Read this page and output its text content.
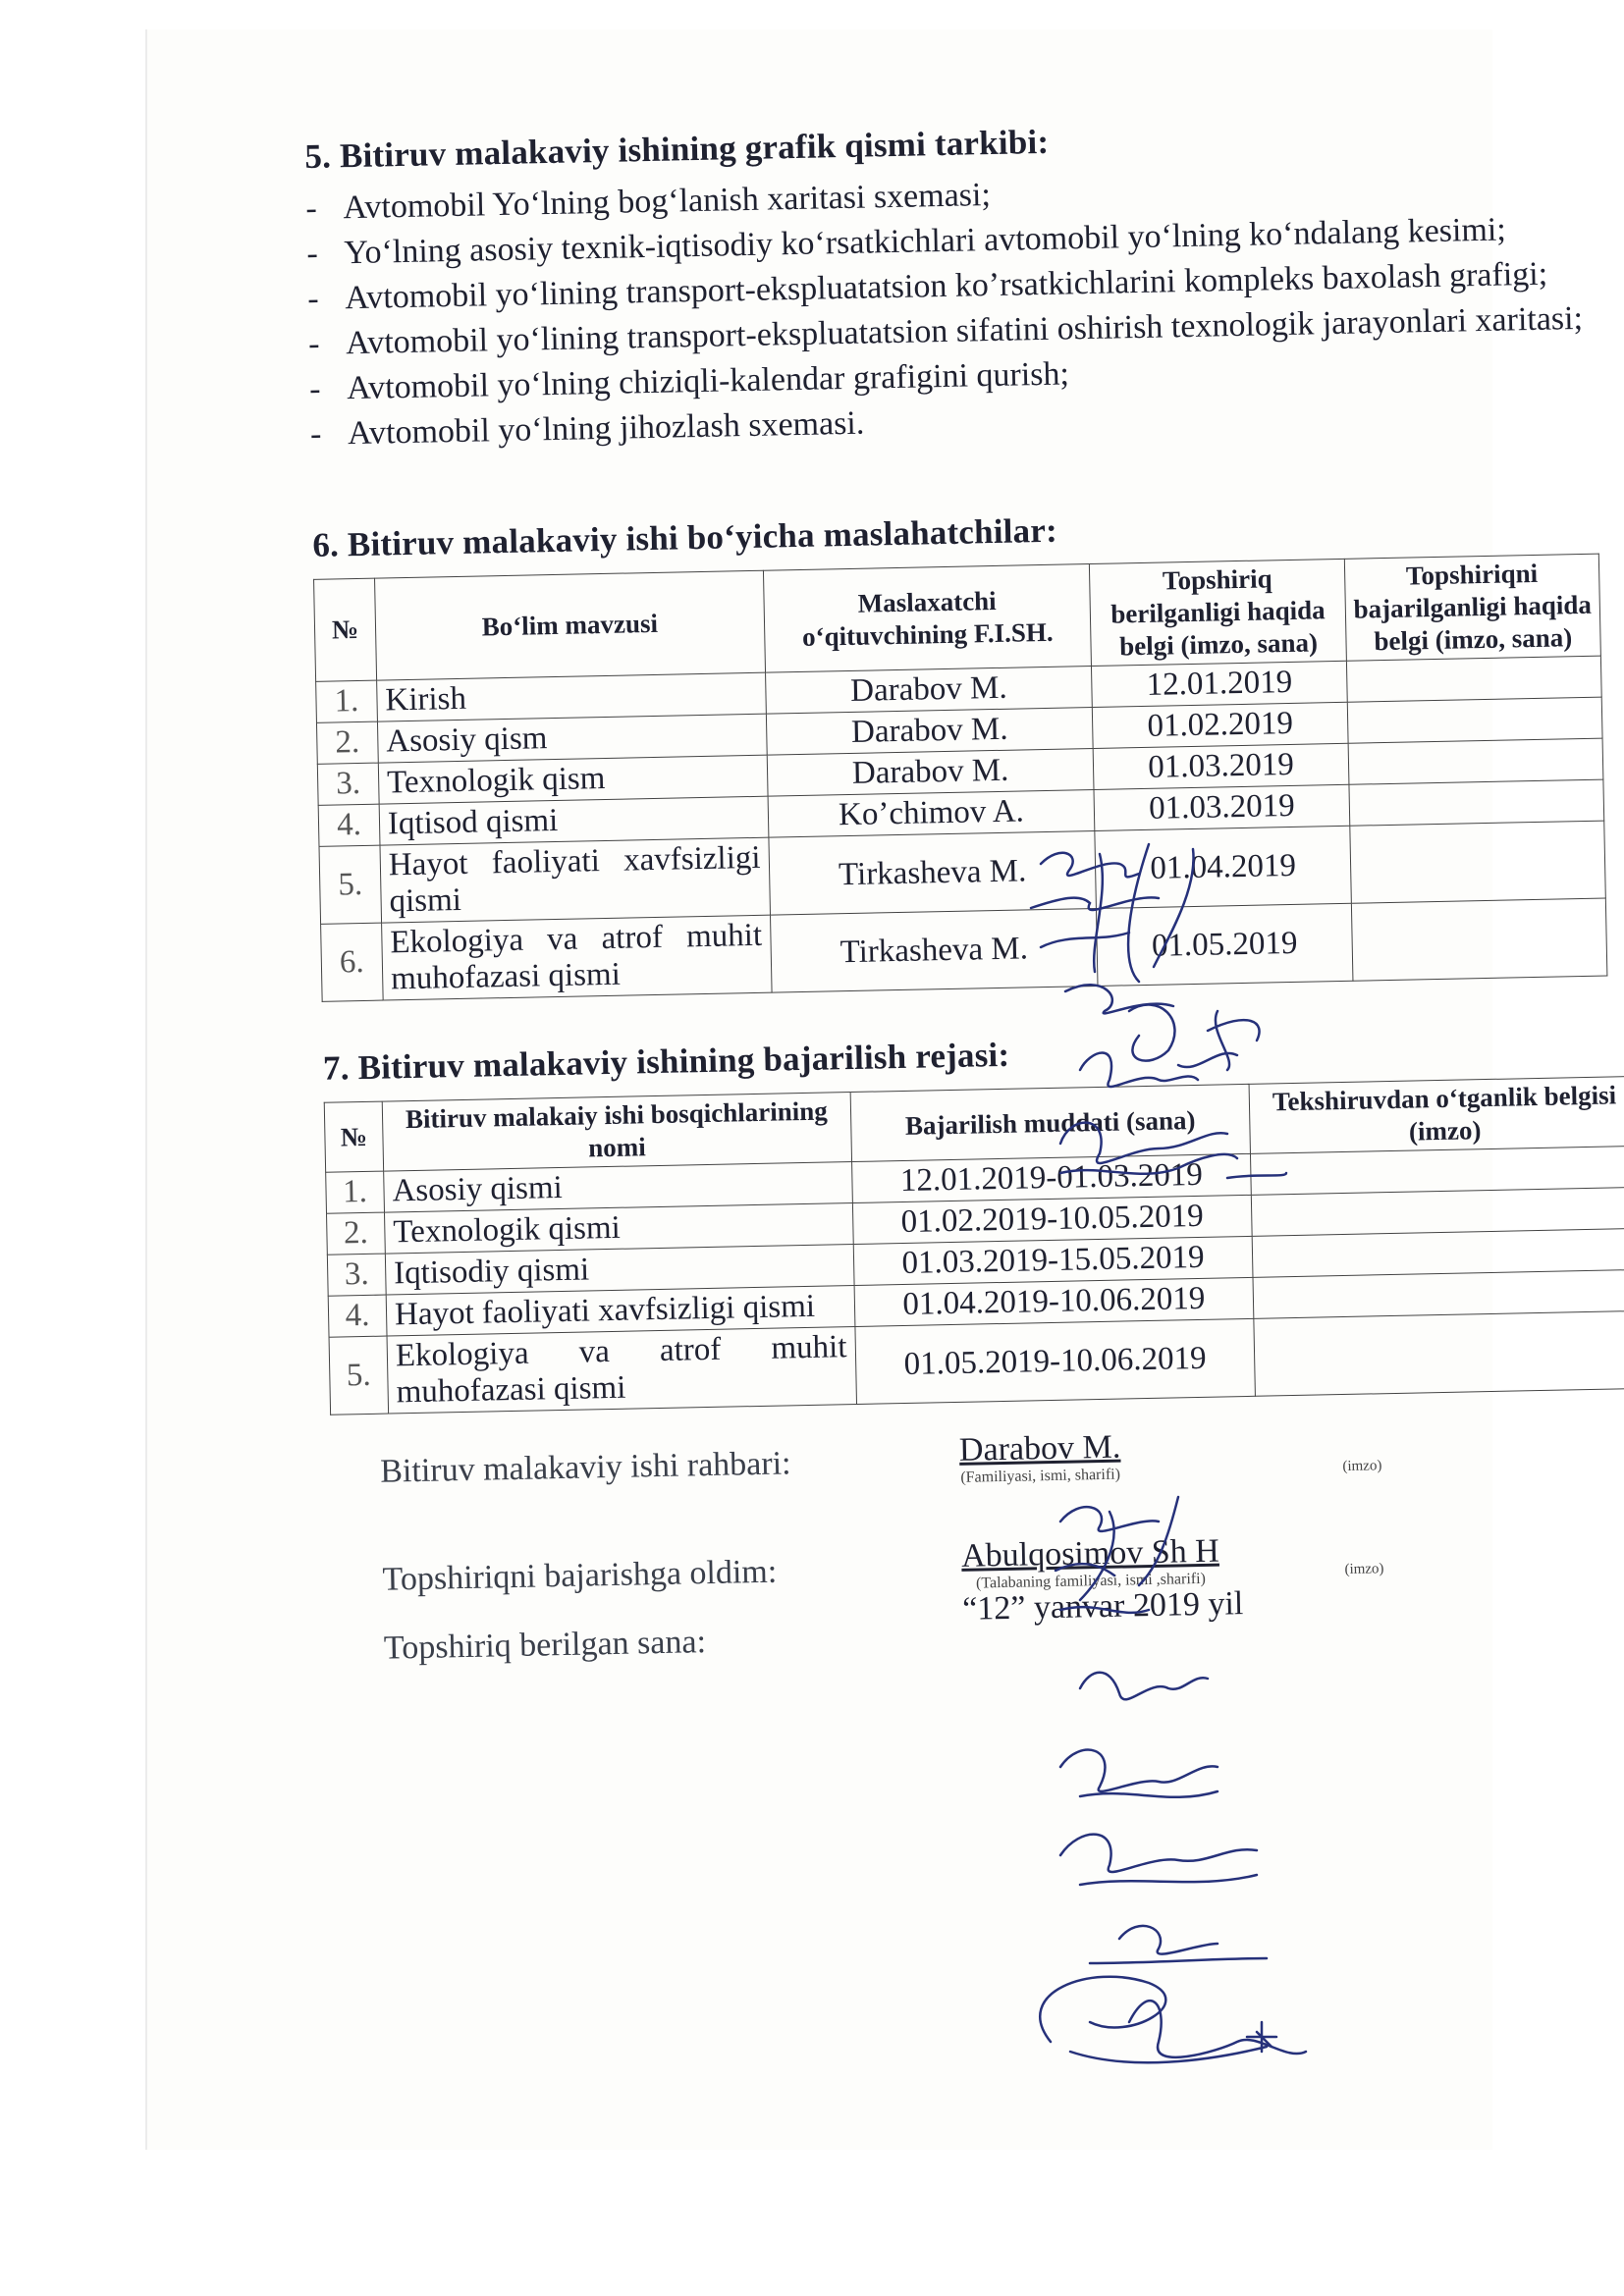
5. Bitiruv malakaviy ishining grafik qismi tarkibi:
- Avtomobil Yo‘lning bog‘lanish xaritasi sxemasi;
- Yo‘lning asosiy texnik-iqtisodiy ko‘rsatkichlari avtomobil yo‘lning ko‘ndalang kesimi;
- Avtomobil yo‘lining transport-ekspluatatsion ko’rsatkichlarini kompleks baxolash grafigi;
- Avtomobil yo‘lining transport-ekspluatatsion sifatini oshirish texnologik jarayonlari xaritasi;
- Avtomobil yo‘lning chiziqli-kalendar grafigini qurish;
- Avtomobil yo‘lning jihozlash sxemasi.
6. Bitiruv malakaviy ishi bo‘yicha maslahatchilar:
№	Bo‘lim mavzusi	Maslaxatchi o‘qituvchining F.I.SH.	Topshiriq berilganligi haqida belgi (imzo, sana)	Topshiriqni bajarilganligi haqida belgi (imzo, sana)
1.	Kirish	Darabov M.	12.01.2019	
2.	Asosiy qism	Darabov M.	01.02.2019	
3.	Texnologik qism	Darabov M.	01.03.2019	
4.	Iqtisod qismi	Ko’chimov A.	01.03.2019	
5.	Hayot faoliyati xavfsizligi qismi	Tirkasheva M.	01.04.2019	
6.	Ekologiya va atrof muhit muhofazasi qismi	Tirkasheva M.	01.05.2019	
7. Bitiruv malakaviy ishining bajarilish rejasi:
№	Bitiruv malakaiy ishi bosqichlarining nomi	Bajarilish muddati (sana)	Tekshiruvdan o‘tganlik belgisi (imzo)
1.	Asosiy qismi	12.01.2019-01.03.2019	
2.	Texnologik qismi	01.02.2019-10.05.2019	
3.	Iqtisodiy qismi	01.03.2019-15.05.2019	
4.	Hayot faoliyati xavfsizligi qismi	01.04.2019-10.06.2019	
5.	Ekologiya va atrof muhit muhofazasi qismi	01.05.2019-10.06.2019	
Bitiruv malakaviy ishi rahbari:	Darabov M.
(Familiyasi, ismi, sharifi)	(imzo)
Topshiriqni bajarishga oldim:	Abulqosimov Sh H
(Talabaning familiyasi, ismi ,sharifi)
(imzo)
Topshiriq berilgan sana:
“12” yanvar 2019 yil
